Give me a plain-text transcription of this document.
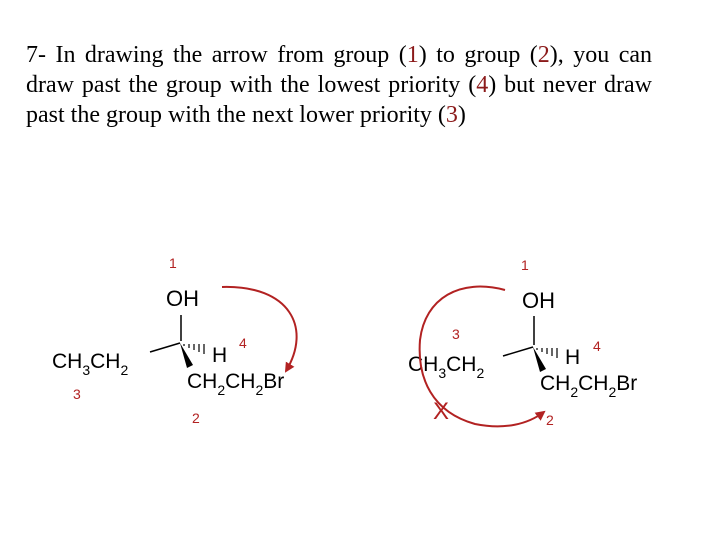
7- In drawing the arrow from group (1) to group (2), you can draw past the group with the lowest priority (4) but never draw past the group with the next lower priority (3)

1
OH
H
4
$CH_3CH_2$
3
$CH_2CH_2Br$
2
1
OH
H 4
3
$CH_3CH_2$	$CH_2CH_2Br$
2
X
